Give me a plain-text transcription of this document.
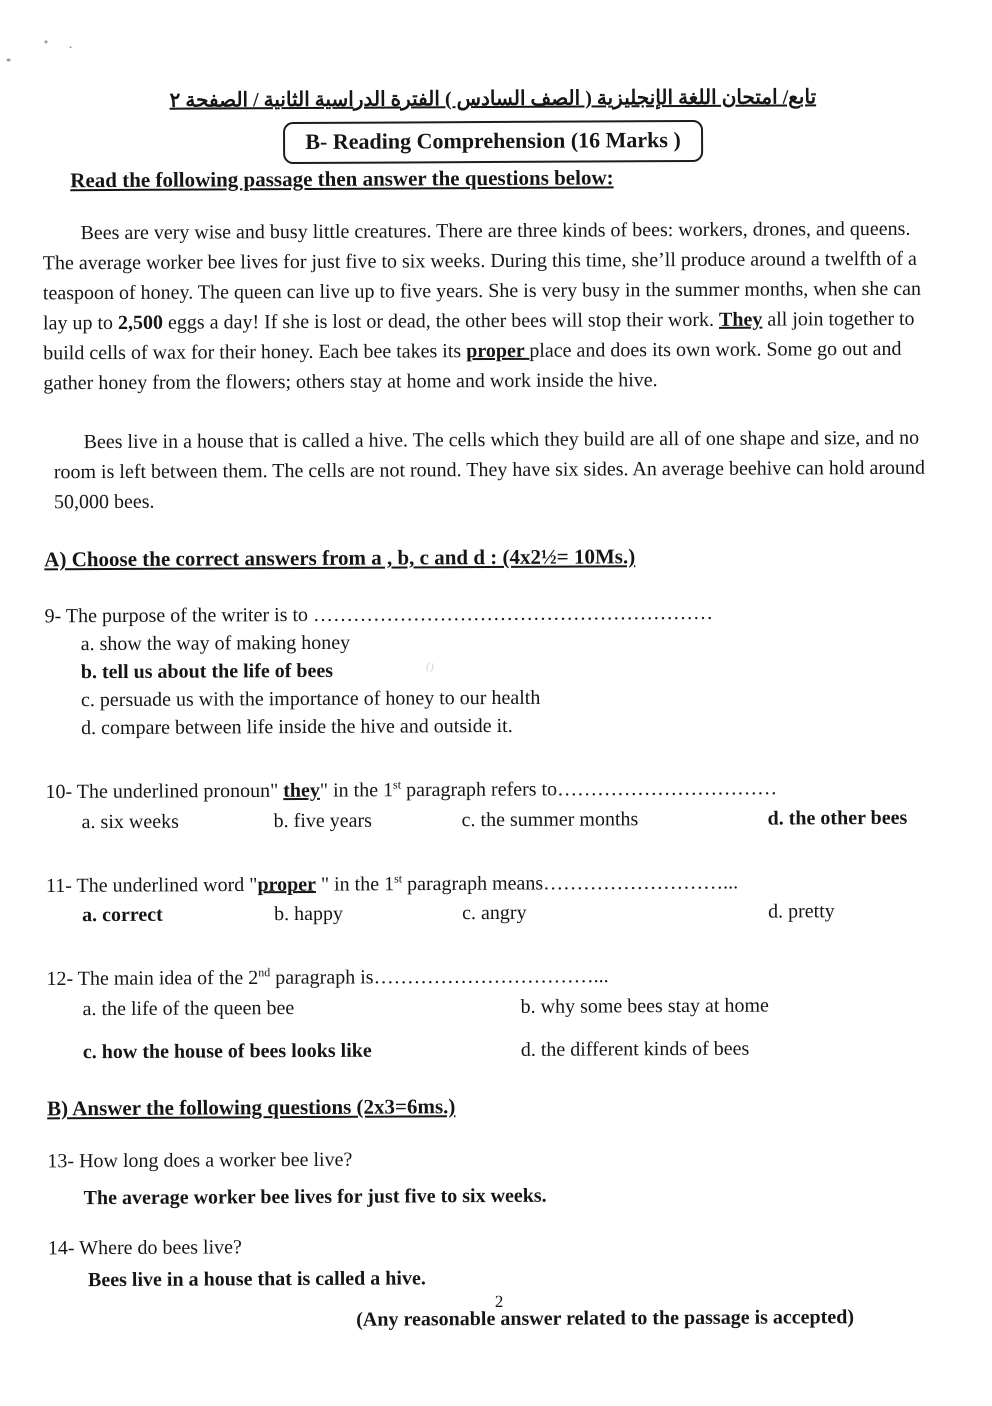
⁽⁾
تابع/ امتحان اللغة الإنجليزية ( الصف السادس ) الفترة الدراسية الثانية / الصفحة ٢
B- Reading Comprehension (16 Marks )
Read the following passage then answer the questions below:

Bees are very wise and busy little creatures. There are three kinds of bees: workers, drones, and queens. The average worker bee lives for just five to six weeks. During this time, she’ll produce around a twelfth of a teaspoon of honey. The queen can live up to five years. She is very busy in the summer months, when she can lay up to 2,500 eggs a day! If she is lost or dead, the other bees will stop their work. They all join together to build cells of wax for their honey. Each bee takes its proper place and does its own work. Some go out and gather honey from the flowers; others stay at home and work inside the hive.

Bees live in a house that is called a hive. The cells which they build are all of one shape and size, and no room is left between them. The cells are not round. They have six sides. An average beehive can hold around 50,000 bees.

A) Choose the correct answers from a , b, c and d : (4x2½= 10Ms.)
9- The purpose of the writer is to ……………………………………………………
a. show the way of making honey
b. tell us about the life of bees
c. persuade us with the importance of honey to our health
d. compare between life inside the hive and outside it.
10- The underlined pronoun" they" in the 1st paragraph refers to……………………………
a. six weeks	b. five years	c. the summer months	d. the other bees
11- The underlined word "proper " in the 1st paragraph means………………………...
a. correct	b. happy	c. angry	d. pretty
12- The main idea of the 2nd paragraph is……………………………...
a. the life of the queen bee	b. why some bees stay at home
c. how the house of bees looks like	d. the different kinds of bees
B) Answer the following questions (2x3=6ms.)
13- How long does a worker bee live?
The average worker bee lives for just five to six weeks.
14- Where do bees live?
Bees live in a house that is called a hive.
(Any reasonable answer related to the passage is accepted)
2
